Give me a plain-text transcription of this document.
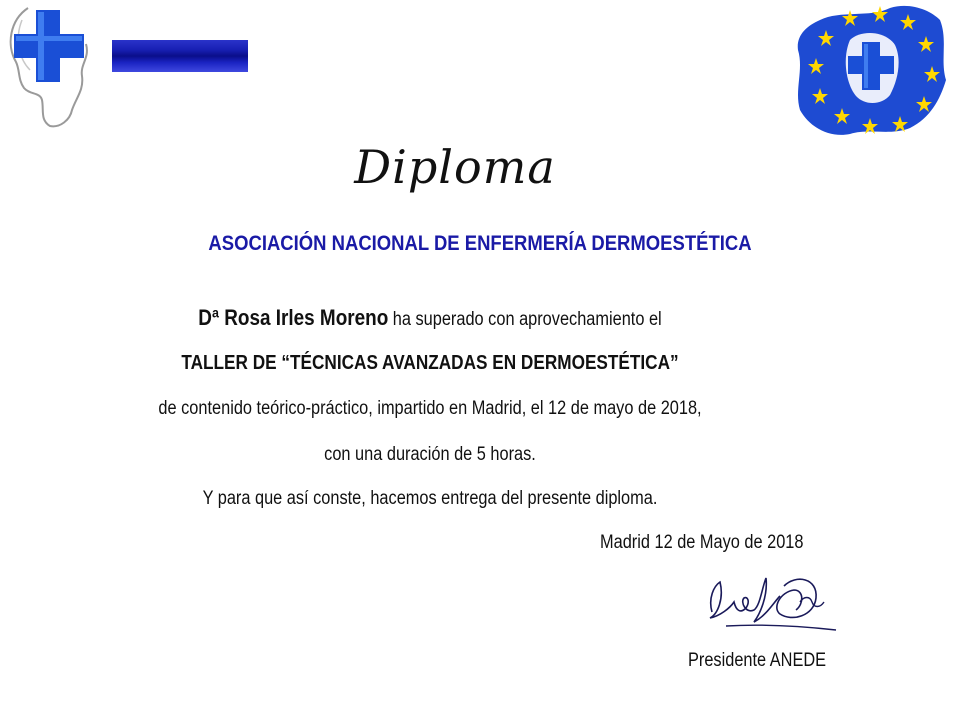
Diploma
ASOCIACIÓN NACIONAL DE ENFERMERÍA DERMOESTÉTICA
Dª Rosa Irles Moreno ha superado con aprovechamiento el
TALLER DE “TÉCNICAS AVANZADAS EN DERMOESTÉTICA”
de contenido teórico-práctico, impartido en Madrid, el 12 de mayo de 2018,
con una duración de 5 horas.
Y para que así conste, hacemos entrega del presente diploma.
Madrid 12 de Mayo de 2018
Presidente ANEDE
